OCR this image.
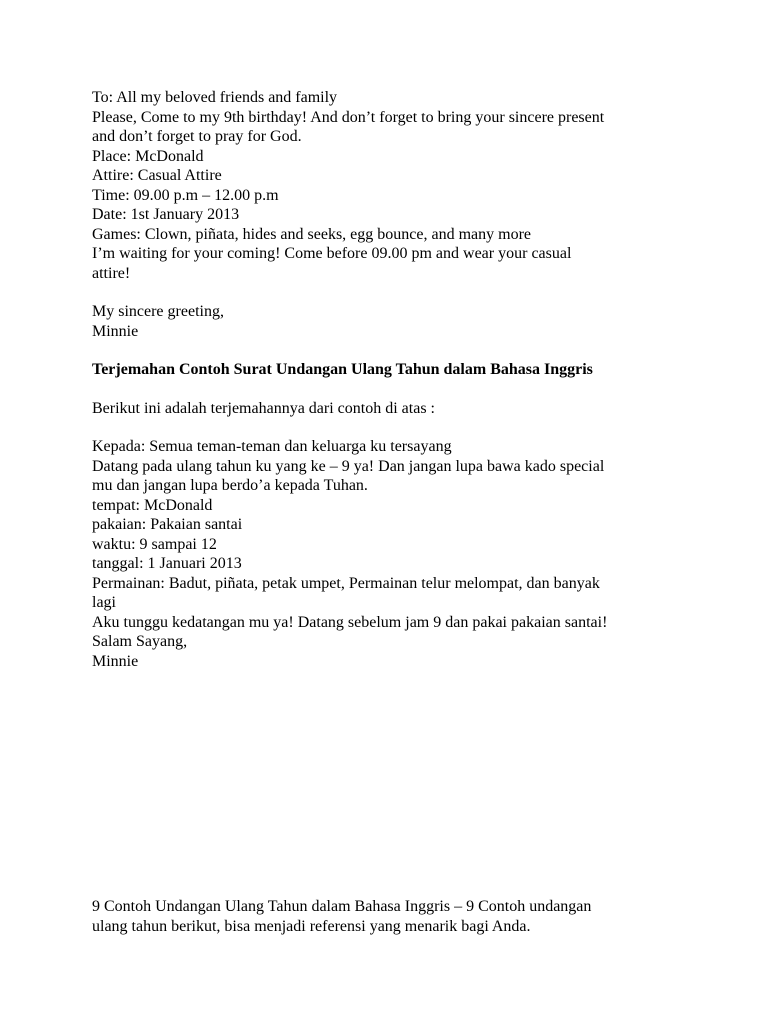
To: All my beloved friends and family
Please, Come to my 9th birthday! And don’t forget to bring your sincere present
and don’t forget to pray for God.
Place: McDonald
Attire: Casual Attire
Time: 09.00 p.m – 12.00 p.m
Date: 1st January 2013
Games: Clown, piñata, hides and seeks, egg bounce, and many more
I’m waiting for your coming! Come before 09.00 pm and wear your casual
attire!
My sincere greeting,
Minnie
Terjemahan Contoh Surat Undangan Ulang Tahun dalam Bahasa Inggris
Berikut ini adalah terjemahannya dari contoh di atas :
Kepada: Semua teman-teman dan keluarga ku tersayang
Datang pada ulang tahun ku yang ke – 9 ya! Dan jangan lupa bawa kado special
mu dan jangan lupa berdo’a kepada Tuhan.
tempat: McDonald
pakaian: Pakaian santai
waktu: 9 sampai 12
tanggal: 1 Januari 2013
Permainan: Badut, piñata, petak umpet, Permainan telur melompat, dan banyak
lagi
Aku tunggu kedatangan mu ya! Datang sebelum jam 9 dan pakai pakaian santai!
Salam Sayang,
Minnie
9 Contoh Undangan Ulang Tahun dalam Bahasa Inggris – 9 Contoh undangan
ulang tahun berikut, bisa menjadi referensi yang menarik bagi Anda.
